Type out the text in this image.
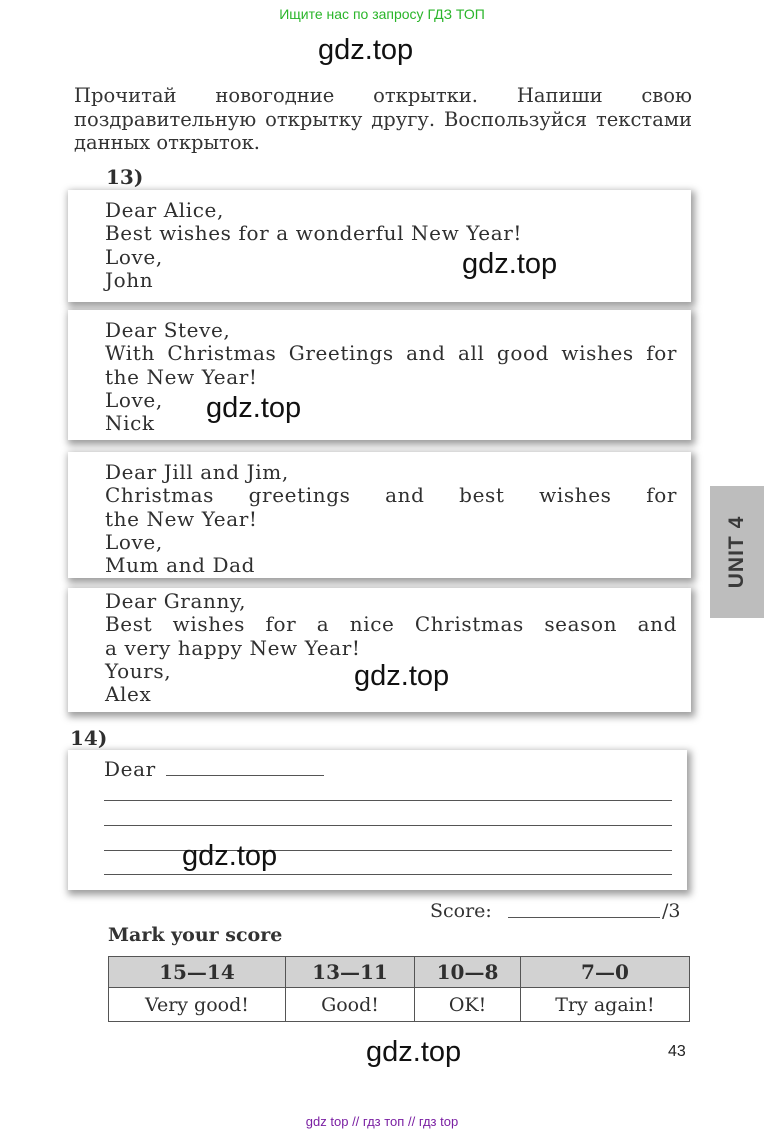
Ищите нас по запросу ГДЗ ТОП
gdz.top
Прочитай новогодние открытки. Напиши свою поздравительную открытку другу. Воспользуйся текстами данных открыток.
13)
Dear Alice,
Best wishes for a wonderful New Year!
Love,
John	gdz.top
Dear Steve,
With Christmas Greetings and all good wishes for
the New Year!
Love,
Nick	gdz.top
Dear Jill and Jim,
Christmas greetings and best wishes for
the New Year!
Love,
Mum and Dad
Dear Granny,
Best wishes for a nice Christmas season and
a very happy New Year!
Yours,
Alex
gdz.top
14)
Dear
gdz.top
UNIT 4
Score:	/3
Mark your score
15—14	13—11	10—8	7—0
Very good!	Good!	OK!	Try again!
gdz.top	43
gdz top // гдз топ // гдз top
